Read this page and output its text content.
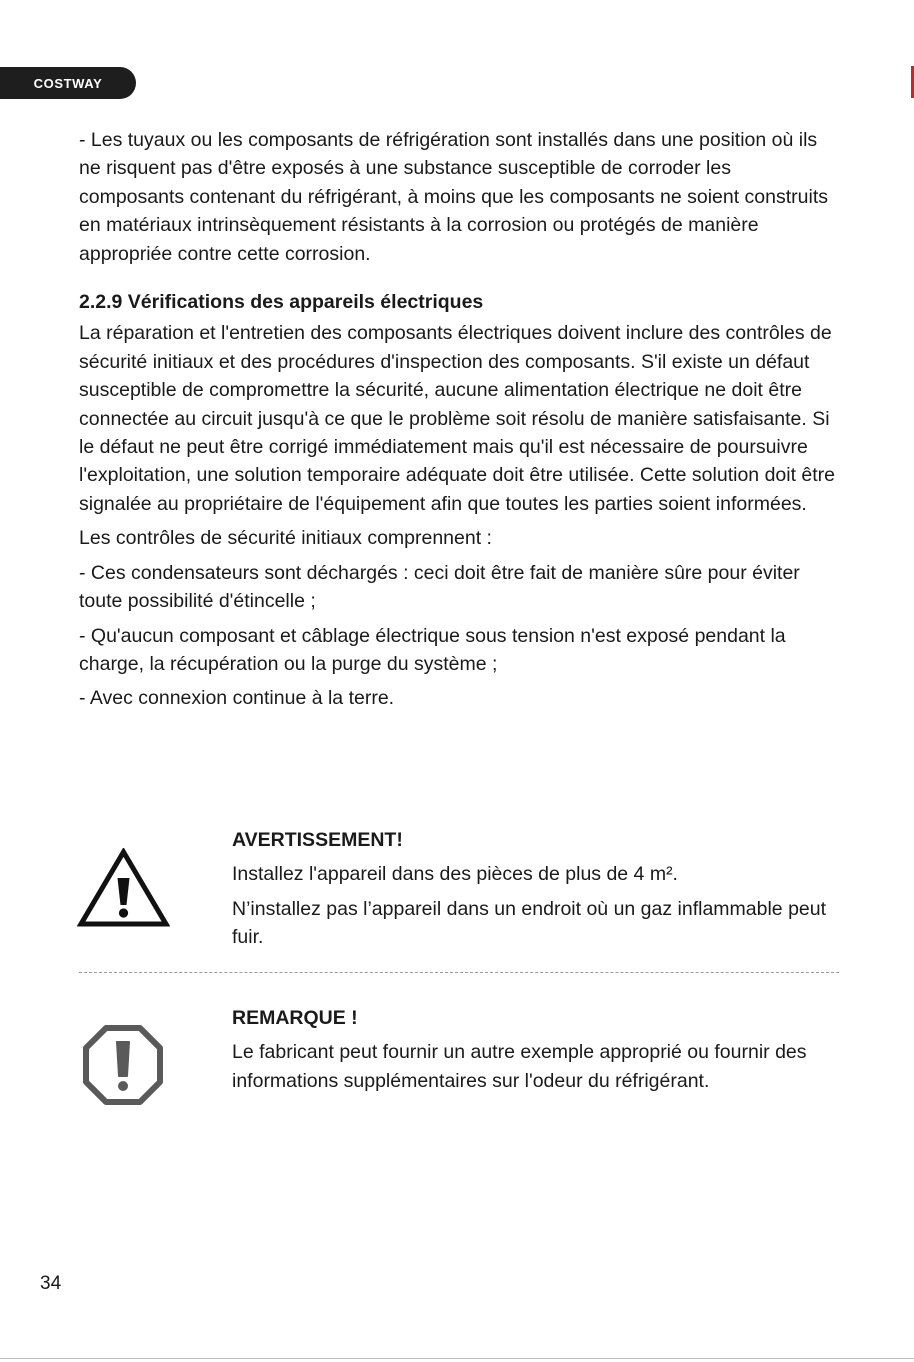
COSTWAY

- Les tuyaux ou les composants de réfrigération sont installés dans une position où ils ne risquent pas d'être exposés à une substance susceptible de corroder les composants contenant du réfrigérant, à moins que les composants ne soient construits en matériaux intrinsèquement résistants à la corrosion ou protégés de manière appropriée contre cette corrosion.

2.2.9 Vérifications des appareils électriques

La réparation et l'entretien des composants électriques doivent inclure des contrôles de sécurité initiaux et des procédures d'inspection des composants. S'il existe un défaut susceptible de compromettre la sécurité, aucune alimentation électrique ne doit être connectée au circuit jusqu'à ce que le problème soit résolu de manière satisfaisante. Si le défaut ne peut être corrigé immédiatement mais qu'il est nécessaire de poursuivre l'exploitation, une solution temporaire adéquate doit être utilisée. Cette solution doit être signalée au propriétaire de l'équipement afin que toutes les parties soient informées.

Les contrôles de sécurité initiaux comprennent :

- Ces condensateurs sont déchargés : ceci doit être fait de manière sûre pour éviter toute possibilité d'étincelle ;

- Qu'aucun composant et câblage électrique sous tension n'est exposé pendant la charge, la récupération ou la purge du système ;

- Avec connexion continue à la terre.

AVERTISSEMENT!

Installez l'appareil dans des pièces de plus de 4 m².

N’installez pas l’appareil dans un endroit où un gaz inflammable peut fuir.

REMARQUE !

Le fabricant peut fournir un autre exemple approprié ou fournir des informations supplémentaires sur l'odeur du réfrigérant.

34
